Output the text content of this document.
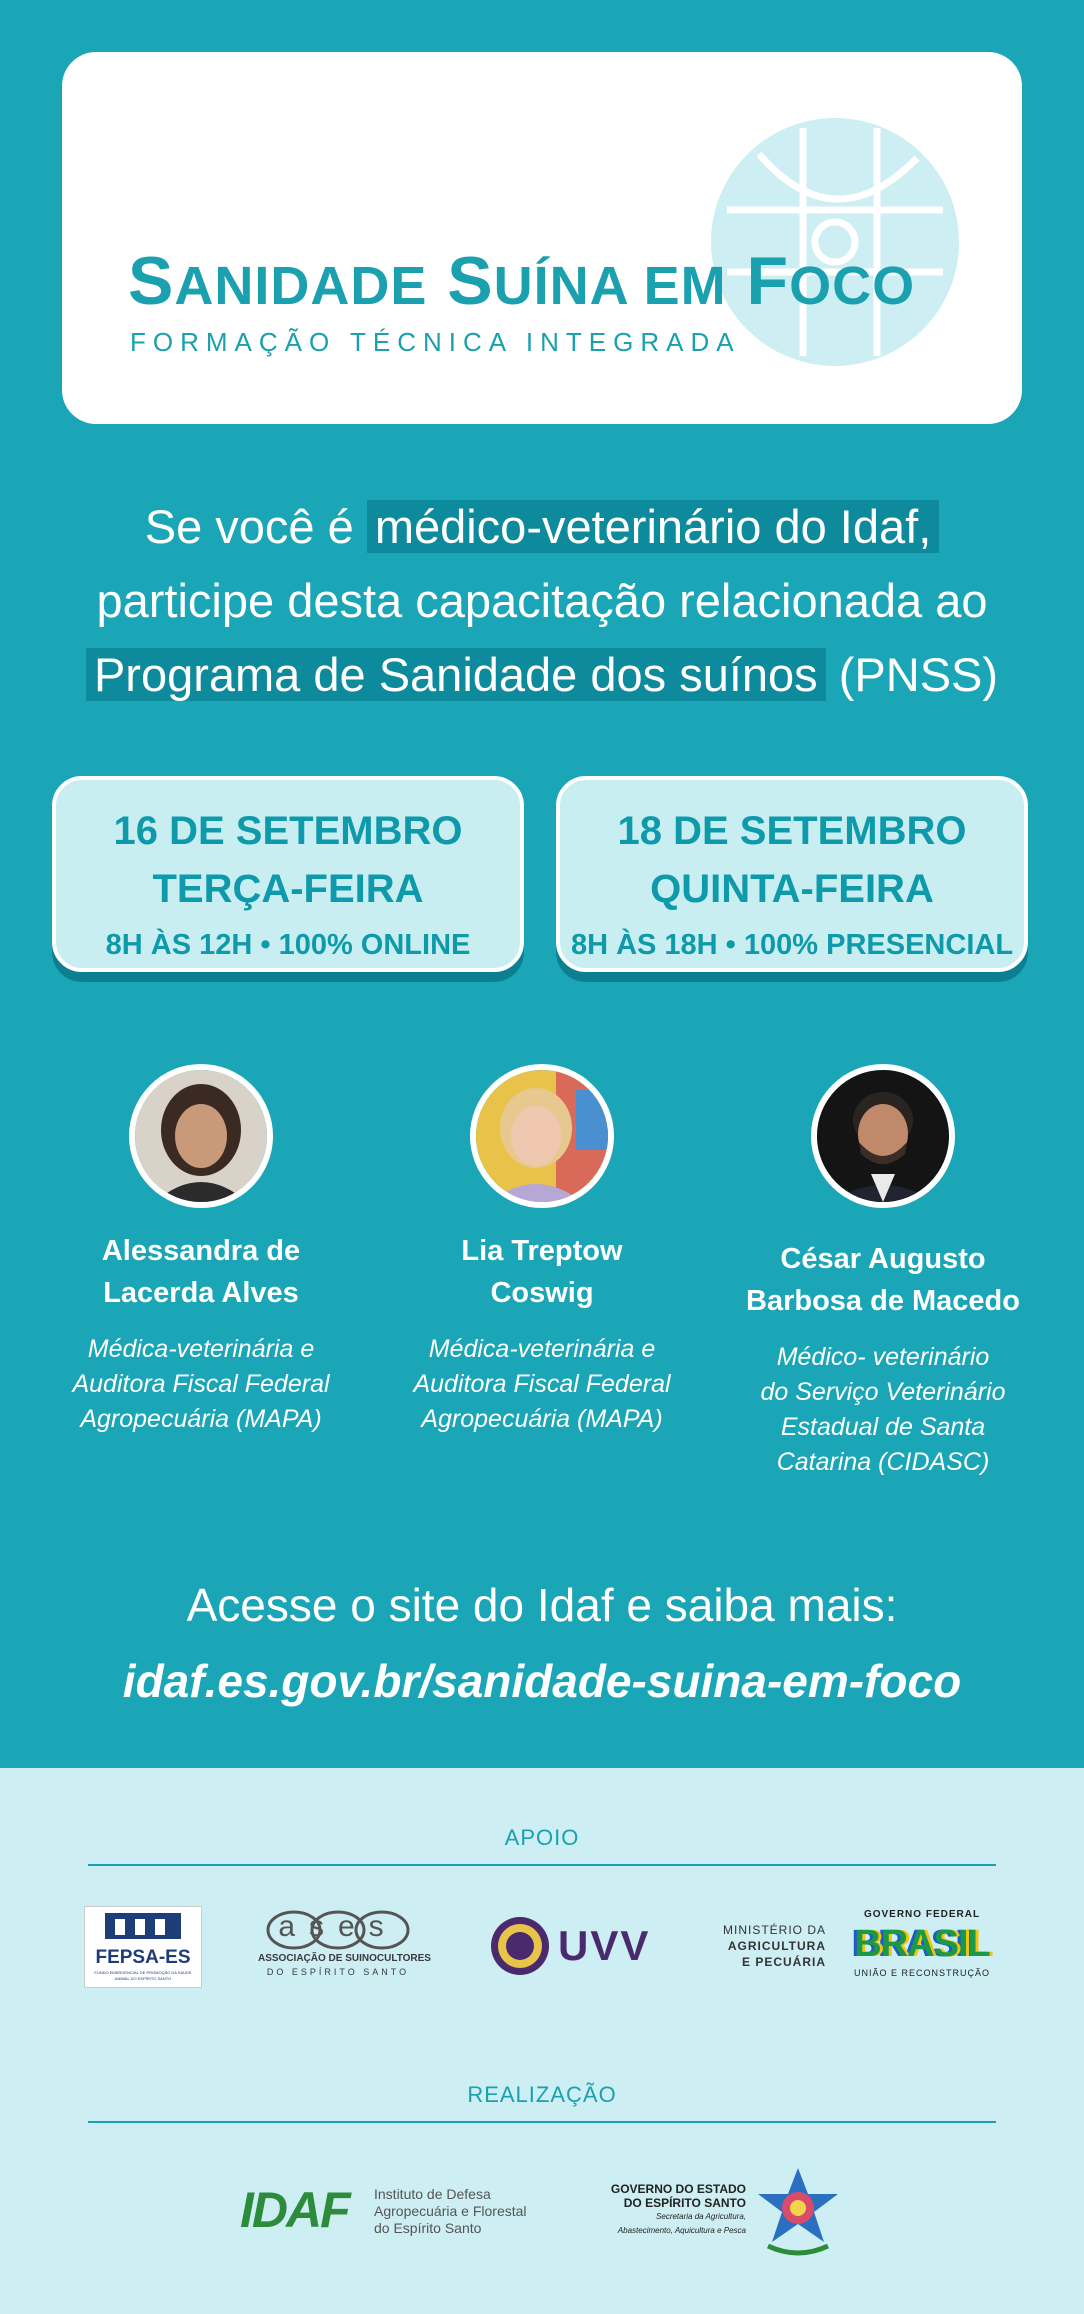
SANIDADE SUÍNA EM FOCO
FORMAÇÃO TÉCNICA INTEGRADA
Se você é médico-veterinário do Idaf,
participe desta capacitação relacionada ao
Programa de Sanidade dos suínos (PNSS)
16 DE SETEMBRO
TERÇA-FEIRA
8H ÀS 12H • 100% ONLINE
18 DE SETEMBRO
QUINTA-FEIRA
8H ÀS 18H • 100% PRESENCIAL
Alessandra de
Lacerda Alves
Médica-veterinária e
Auditora Fiscal Federal
Agropecuária (MAPA)
Lia Treptow
Coswig
Médica-veterinária e
Auditora Fiscal Federal
Agropecuária (MAPA)
César Augusto
Barbosa de Macedo
Médico- veterinário
do Serviço Veterinário
Estadual de Santa
Catarina (CIDASC)
Acesse o site do Idaf e saiba mais:
idaf.es.gov.br/sanidade-suina-em-foco
APOIO
FEPSA-ES
FUNDO EMERGENCIAL DE PROMOÇÃO DA SAÚDE ANIMAL DO ESPÍRITO SANTO
ases
ASSOCIAÇÃO DE SUINOCULTORES
DO ESPÍRITO SANTO
UVV	MINISTÉRIO DA
AGRICULTURA
E PECUÁRIA
GOVERNO FEDERAL
BRASIL
UNIÃO E RECONSTRUÇÃO
REALIZAÇÃO
IDAF Instituto de Defesa
Agropecuária e Florestal
do Espírito Santo
GOVERNO DO ESTADO
DO ESPÍRITO SANTO
Secretaria da Agricultura,
Abastecimento, Aquicultura e Pesca
